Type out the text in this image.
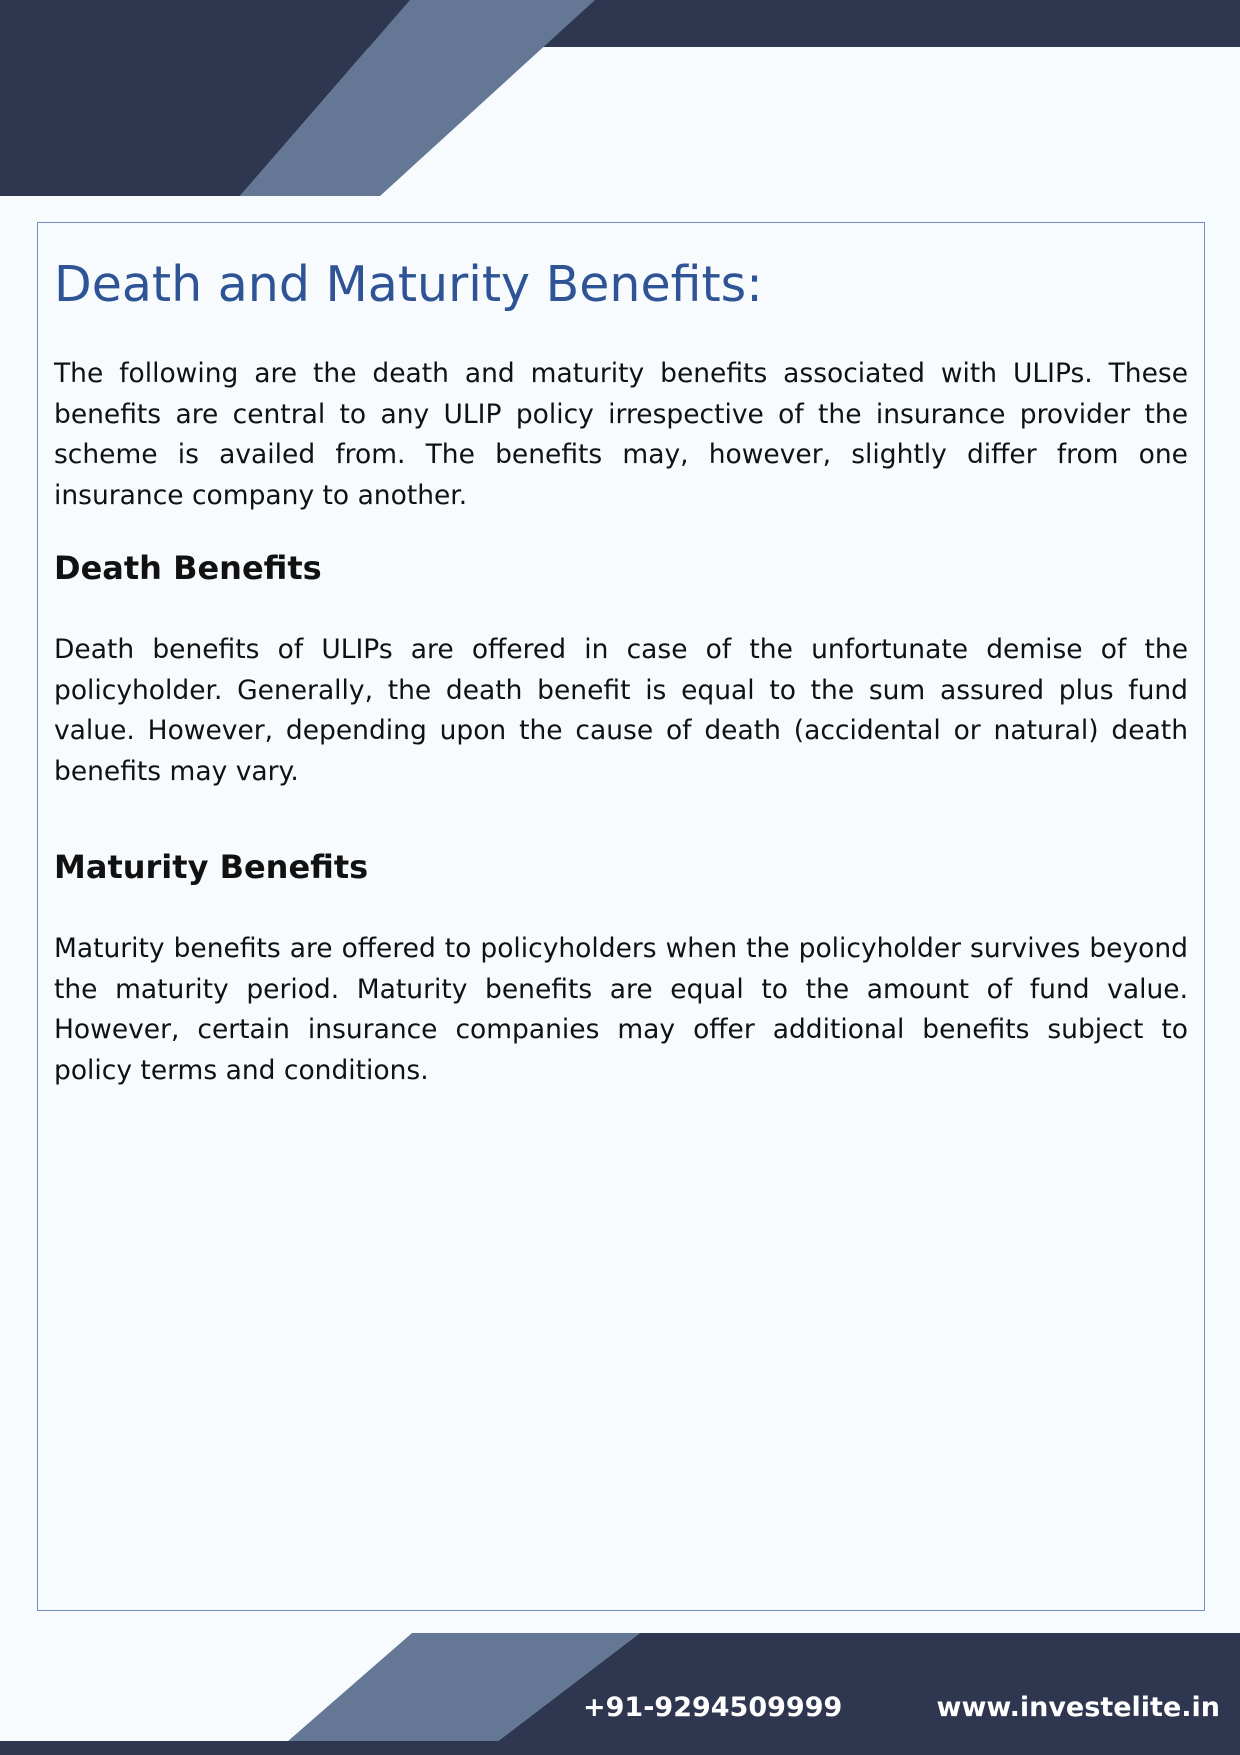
Death and Maturity Benefits:

The following are the death and maturity benefits associated with ULIPs. These benefits are central to any ULIP policy irrespective of the insurance provider the scheme is availed from. The benefits may, however, slightly differ from one insurance company to another.

Death Benefits

Death benefits of ULIPs are offered in case of the unfortunate demise of the policyholder. Generally, the death benefit is equal to the sum assured plus fund value. However, depending upon the cause of death (accidental or natural) death benefits may vary.

Maturity Benefits

Maturity benefits are offered to policyholders when the policyholder survives beyond the maturity period. Maturity benefits are equal to the amount of fund value. However, certain insurance companies may offer additional benefits subject to policy terms and conditions.

+91-9294509999	www.investelite.in
